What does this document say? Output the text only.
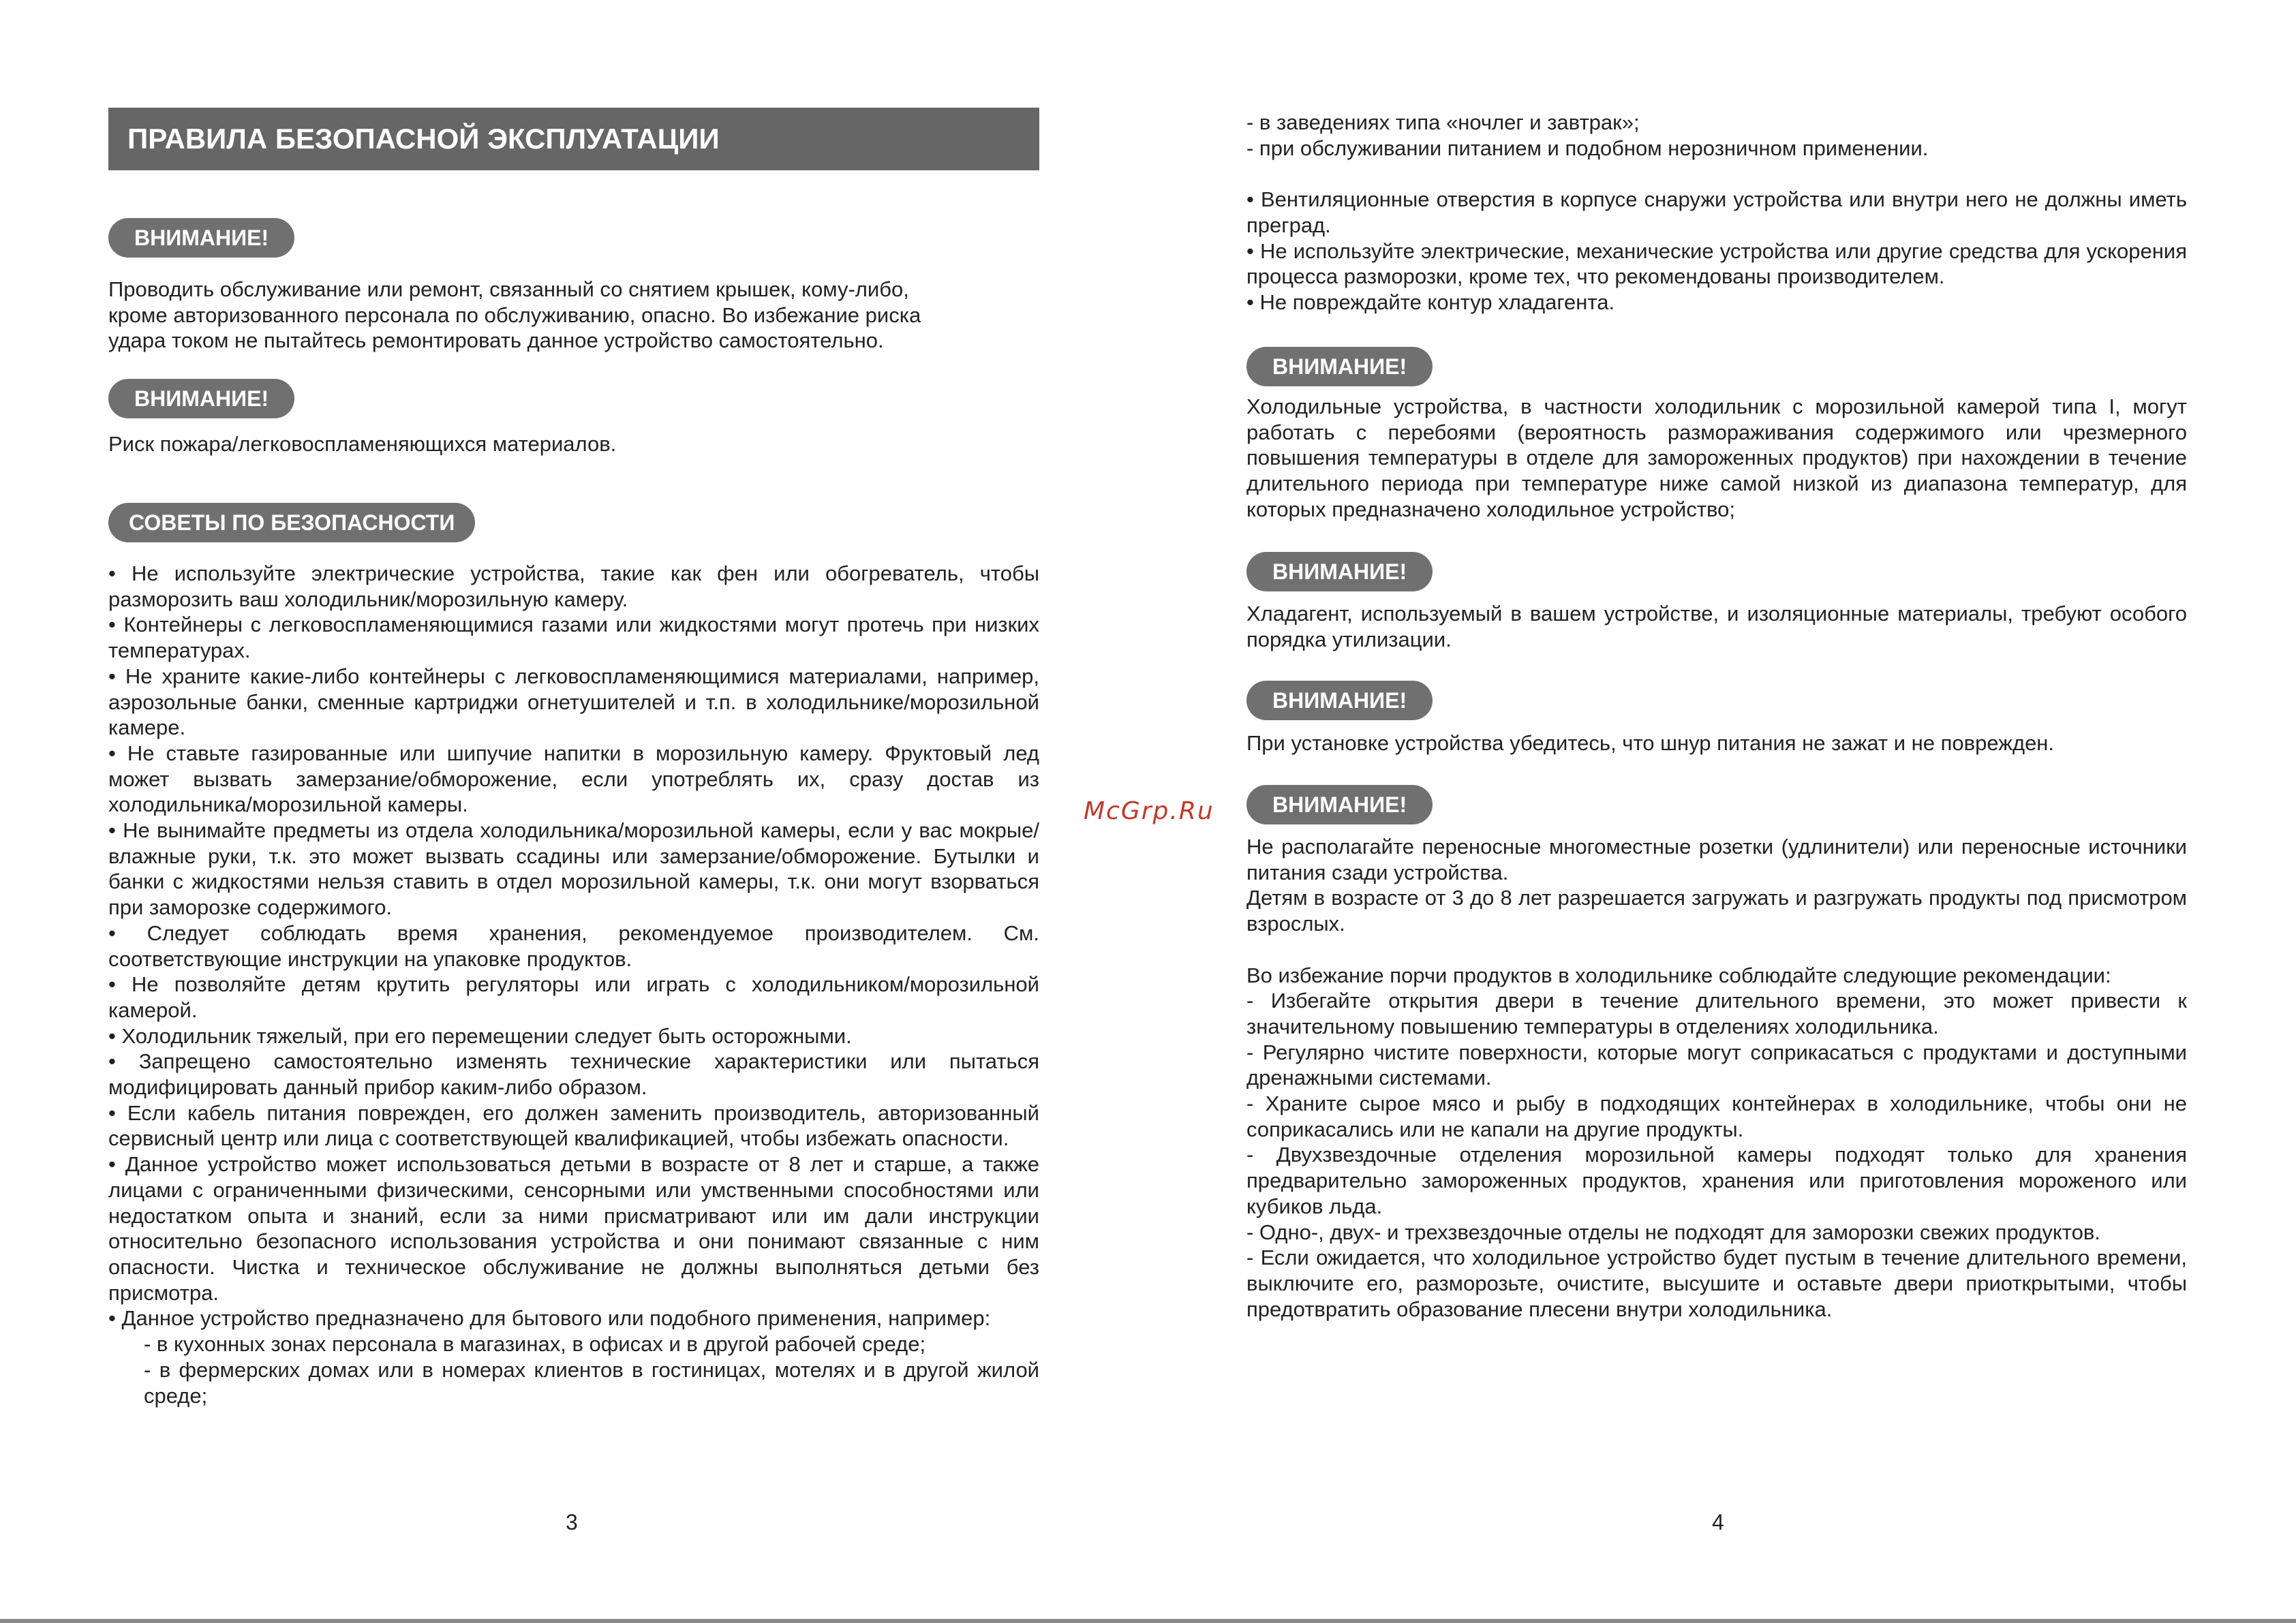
ПРАВИЛА БЕЗОПАСНОЙ ЭКСПЛУАТАЦИИ
ВНИМАНИЕ!

Проводить обслуживание или ремонт, связанный со снятием крышек, кому-либо,

кроме авторизованного персонала по обслуживанию, опасно. Во избежание риска

удара током не пытайтесь ремонтировать данное устройство самостоятельно.

ВНИМАНИЕ!

Риск пожара/легковоспламеняющихся материалов.

СОВЕТЫ ПО БЕЗОПАСНОСТИ

• Не используйте электрические устройства, такие как фен или обогреватель, чтобы разморозить ваш холодильник/морозильную камеру.

• Контейнеры с легковоспламеняющимися газами или жидкостями могут протечь при низких температурах.

• Не храните какие-либо контейнеры с легковоспламеняющимися материалами, например, аэрозольные банки, сменные картриджи огнетушителей и т.п. в холодильнике/морозильной камере.

• Не ставьте газированные или шипучие напитки в морозильную камеру. Фруктовый лед может вызвать замерзание/обморожение, если употреблять их, сразу достав из холодильника/морозильной камеры.

• Не вынимайте предметы из отдела холодильника/морозильной камеры, если у вас мокрые/влажные руки, т.к. это может вызвать ссадины или замерзание/обморожение. Бутылки и банки с жидкостями нельзя ставить в отдел морозильной камеры, т.к. они могут взорваться при заморозке содержимого.

• Следует соблюдать время хранения, рекомендуемое производителем. См. соответствующие инструкции на упаковке продуктов.

• Не позволяйте детям крутить регуляторы или играть с холодильником/морозильной камерой.

• Холодильник тяжелый, при его перемещении следует быть осторожными.

• Запрещено самостоятельно изменять технические характеристики или пытаться модифицировать данный прибор каким-либо образом.

• Если кабель питания поврежден, его должен заменить производитель, авторизованный сервисный центр или лица с соответствующей квалификацией, чтобы избежать опасности.

• Данное устройство может использоваться детьми в возрасте от 8 лет и старше, а также лицами с ограниченными физическими, сенсорными или умственными способностями или недостатком опыта и знаний, если за ними присматривают или им дали инструкции относительно безопасного использования устройства и они понимают связанные с ним опасности. Чистка и техническое обслуживание не должны выполняться детьми без присмотра.

• Данное устройство предназначено для бытового или подобного применения, например:

- в кухонных зонах персонала в магазинах, в офисах и в другой рабочей среде;

- в фермерских домах или в номерах клиентов в гостиницах, мотелях и в другой жилой среде;

3
McGrp.Ru

- в заведениях типа «ночлег и завтрак»;

- при обслуживании питанием и подобном нерозничном применении.

• Вентиляционные отверстия в корпусе снаружи устройства или внутри него не должны иметь преград.

• Не используйте электрические, механические устройства или другие средства для ускорения процесса разморозки, кроме тех, что рекомендованы производителем.

• Не повреждайте контур хладагента.

ВНИМАНИЕ!

Холодильные устройства, в частности холодильник с морозильной камерой типа I, могут работать с перебоями (вероятность размораживания содержимого или чрезмерного повышения температуры в отделе для замороженных продуктов) при нахождении в течение длительного периода при температуре ниже самой низкой из диапазона температур, для которых предназначено холодильное устройство;

ВНИМАНИЕ!

Хладагент, используемый в вашем устройстве, и изоляционные материалы, требуют особого порядка утилизации.

ВНИМАНИЕ!

При установке устройства убедитесь, что шнур питания не зажат и не поврежден.

ВНИМАНИЕ!

Не располагайте переносные многоместные розетки (удлинители) или переносные источники питания сзади устройства.

Детям в возрасте от 3 до 8 лет разрешается загружать и разгружать продукты под присмотром взрослых.

Во избежание порчи продуктов в холодильнике соблюдайте следующие рекомендации:

- Избегайте открытия двери в течение длительного времени, это может привести к значительному повышению температуры в отделениях холодильника.

- Регулярно чистите поверхности, которые могут соприкасаться с продуктами и доступными дренажными системами.

- Храните сырое мясо и рыбу в подходящих контейнерах в холодильнике, чтобы они не соприкасались или не капали на другие продукты.

- Двухзвездочные отделения морозильной камеры подходят только для хранения предварительно замороженных продуктов, хранения или приготовления мороженого или кубиков льда.

- Одно-, двух- и трехзвездочные отделы не подходят для заморозки свежих продуктов.

- Если ожидается, что холодильное устройство будет пустым в течение длительного времени, выключите его, разморозьте, очистите, высушите и оставьте двери приоткрытыми, чтобы предотвратить образование плесени внутри холодильника.

4
